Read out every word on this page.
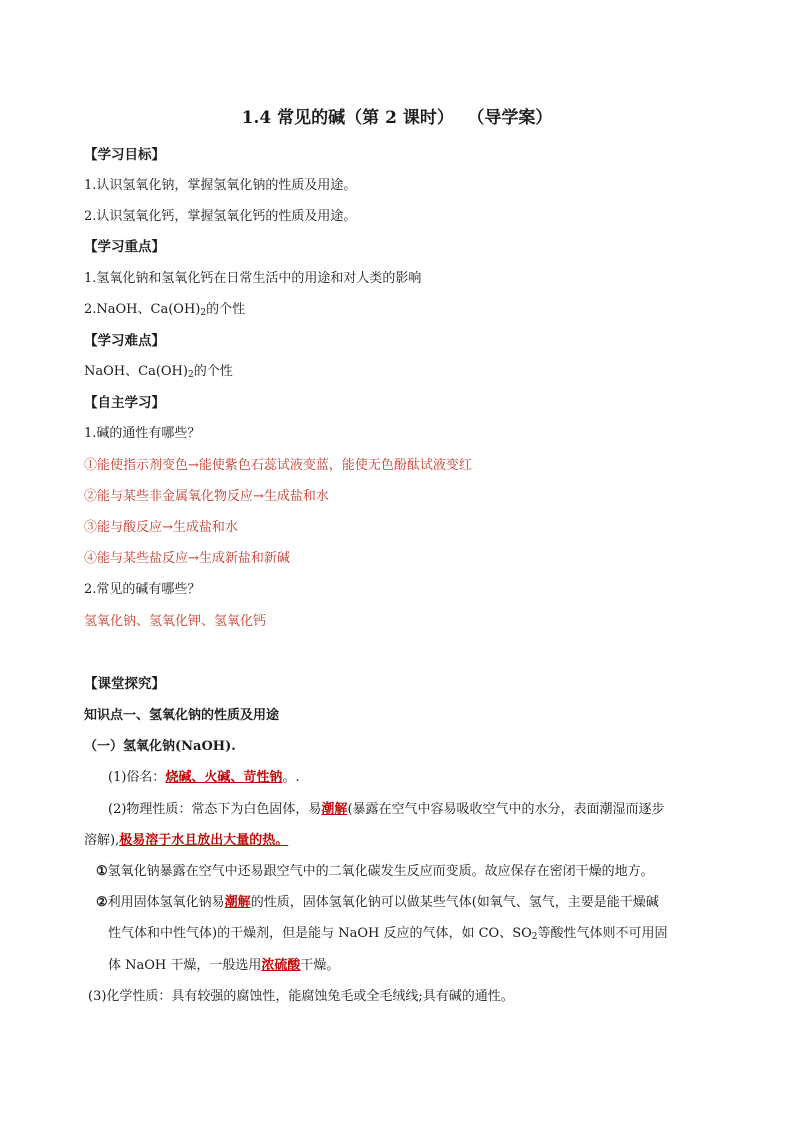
1.4 常见的碱（第 2 课时） （导学案）
【学习目标】
1.认识氢氧化钠，掌握氢氧化钠的性质及用途。
2.认识氢氧化钙，掌握氢氧化钙的性质及用途。
【学习重点】
1.氢氧化钠和氢氧化钙在日常生活中的用途和对人类的影响
2.NaOH、$Ca(OH)_2$的个性
【学习难点】
NaOH、$Ca(OH)_2$的个性
【自主学习】
1.碱的通性有哪些？
①能使指示剂变色→能使紫色石蕊试液变蓝，能使无色酚酞试液变红
②能与某些非金属氧化物反应→生成盐和水
③能与酸反应→生成盐和水
④能与某些盐反应→生成新盐和新碱
2.常见的碱有哪些？
氢氧化钠、氢氧化钾、氢氧化钙
【课堂探究】
知识点一、氢氧化钠的性质及用途
（一）氢氧化钠(NaOH).
(1)俗名：烧碱、火碱、苛性钠。.
(2)物理性质：常态下为白色固体，易潮解(暴露在空气中容易吸收空气中的水分，表面潮湿而逐步
溶解),极易溶于水且放出大量的热。
①氢氧化钠暴露在空气中还易跟空气中的二氧化碳发生反应而变质。故应保存在密闭干燥的地方。
②利用固体氢氧化钠易潮解的性质，固体氢氧化钠可以做某些气体(如氧气、氢气，主要是能干燥碱
性气体和中性气体)的干燥剂，但是能与 NaOH 反应的气体，如 CO、$SO_2$等酸性气体则不可用固
体 NaOH 干燥，一般选用浓硫酸干燥。
(3)化学性质：具有较强的腐蚀性，能腐蚀兔毛或全毛绒线;具有碱的通性。
